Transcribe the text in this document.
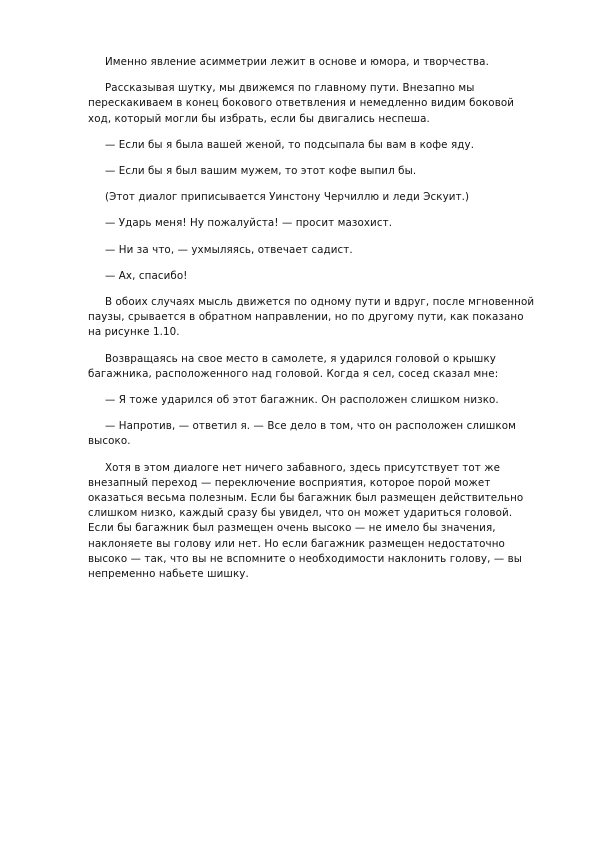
Именно явление асимметрии лежит в основе и юмора, и творчества.

Рассказывая шутку, мы движемся по главному пути. Внезапно мы перескакиваем в конец бокового ответвления и немедленно видим боковой ход, который могли бы избрать, если бы двигались неспеша.

— Если бы я была вашей женой, то подсыпала бы вам в кофе яду.

— Если бы я был вашим мужем, то этот кофе выпил бы.

(Этот диалог приписывается Уинстону Черчиллю и леди Эскуит.)

— Ударь меня! Ну пожалуйста! — просит мазохист.

— Ни за что, — ухмыляясь, отвечает садист.

— Ах, спасибо!

В обоих случаях мысль движется по одному пути и вдруг, после мгновенной паузы, срывается в обратном направлении, но по другому пути, как показано на рисунке 1.10.

Возвращаясь на свое место в самолете, я ударился головой о крышку багажника, расположенного над головой. Когда я сел, сосед сказал мне:

— Я тоже ударился об этот багажник. Он расположен слишком низко.

— Напротив, — ответил я. — Все дело в том, что он расположен слишком высоко.

Хотя в этом диалоге нет ничего забавного, здесь присутствует тот же внезапный переход — переключение восприятия, которое порой может оказаться весьма полезным. Если бы багажник был размещен действительно слишком низко, каждый сразу бы увидел, что он может удариться головой. Если бы багажник был размещен очень высоко — не имело бы значения, наклоняете вы голову или нет. Но если багажник размещен недостаточно высоко — так, что вы не вспомните о необходимости наклонить голову, — вы непременно набьете шишку.
